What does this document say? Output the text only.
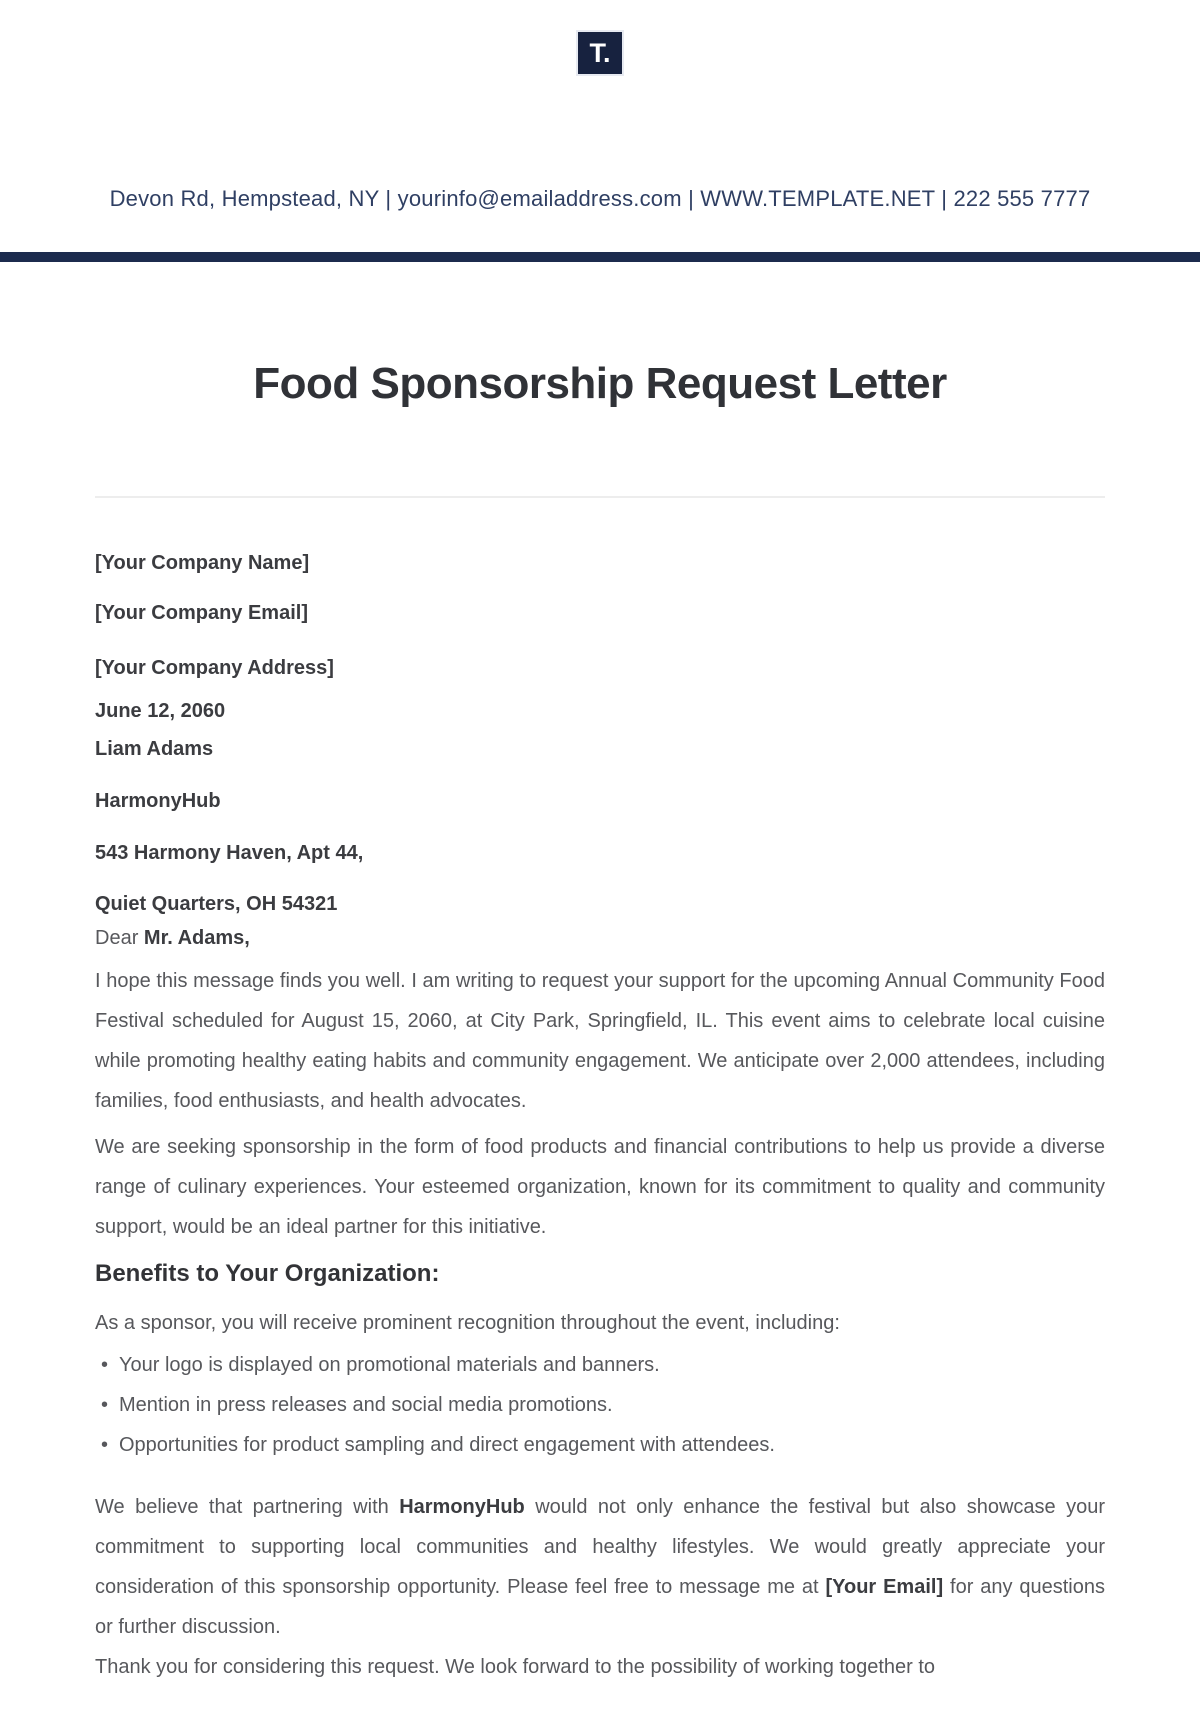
T.
Devon Rd, Hempstead, NY | yourinfo@emailaddress.com | WWW.TEMPLATE.NET | 222 555 7777
Food Sponsorship Request Letter
[Your Company Name]
[Your Company Email]
[Your Company Address]
June 12, 2060
Liam Adams
HarmonyHub
543 Harmony Haven, Apt 44,
Quiet Quarters, OH 54321
Dear Mr. Adams,

I hope this message finds you well. I am writing to request your support for the upcoming Annual Community Food Festival scheduled for August 15, 2060, at City Park, Springfield, IL. This event aims to celebrate local cuisine while promoting healthy eating habits and community engagement. We anticipate over 2,000 attendees, including families, food enthusiasts, and health advocates.

We are seeking sponsorship in the form of food products and financial contributions to help us provide a diverse range of culinary experiences. Your esteemed organization, known for its commitment to quality and community support, would be an ideal partner for this initiative.

Benefits to Your Organization:
As a sponsor, you will receive prominent recognition throughout the event, including:
• Your logo is displayed on promotional materials and banners.
• Mention in press releases and social media promotions.
• Opportunities for product sampling and direct engagement with attendees.

We believe that partnering with HarmonyHub would not only enhance the festival but also showcase your commitment to supporting local communities and healthy lifestyles. We would greatly appreciate your consideration of this sponsorship opportunity. Please feel free to message me at [Your Email] for any questions or further discussion.

Thank you for considering this request. We look forward to the possibility of working together to
